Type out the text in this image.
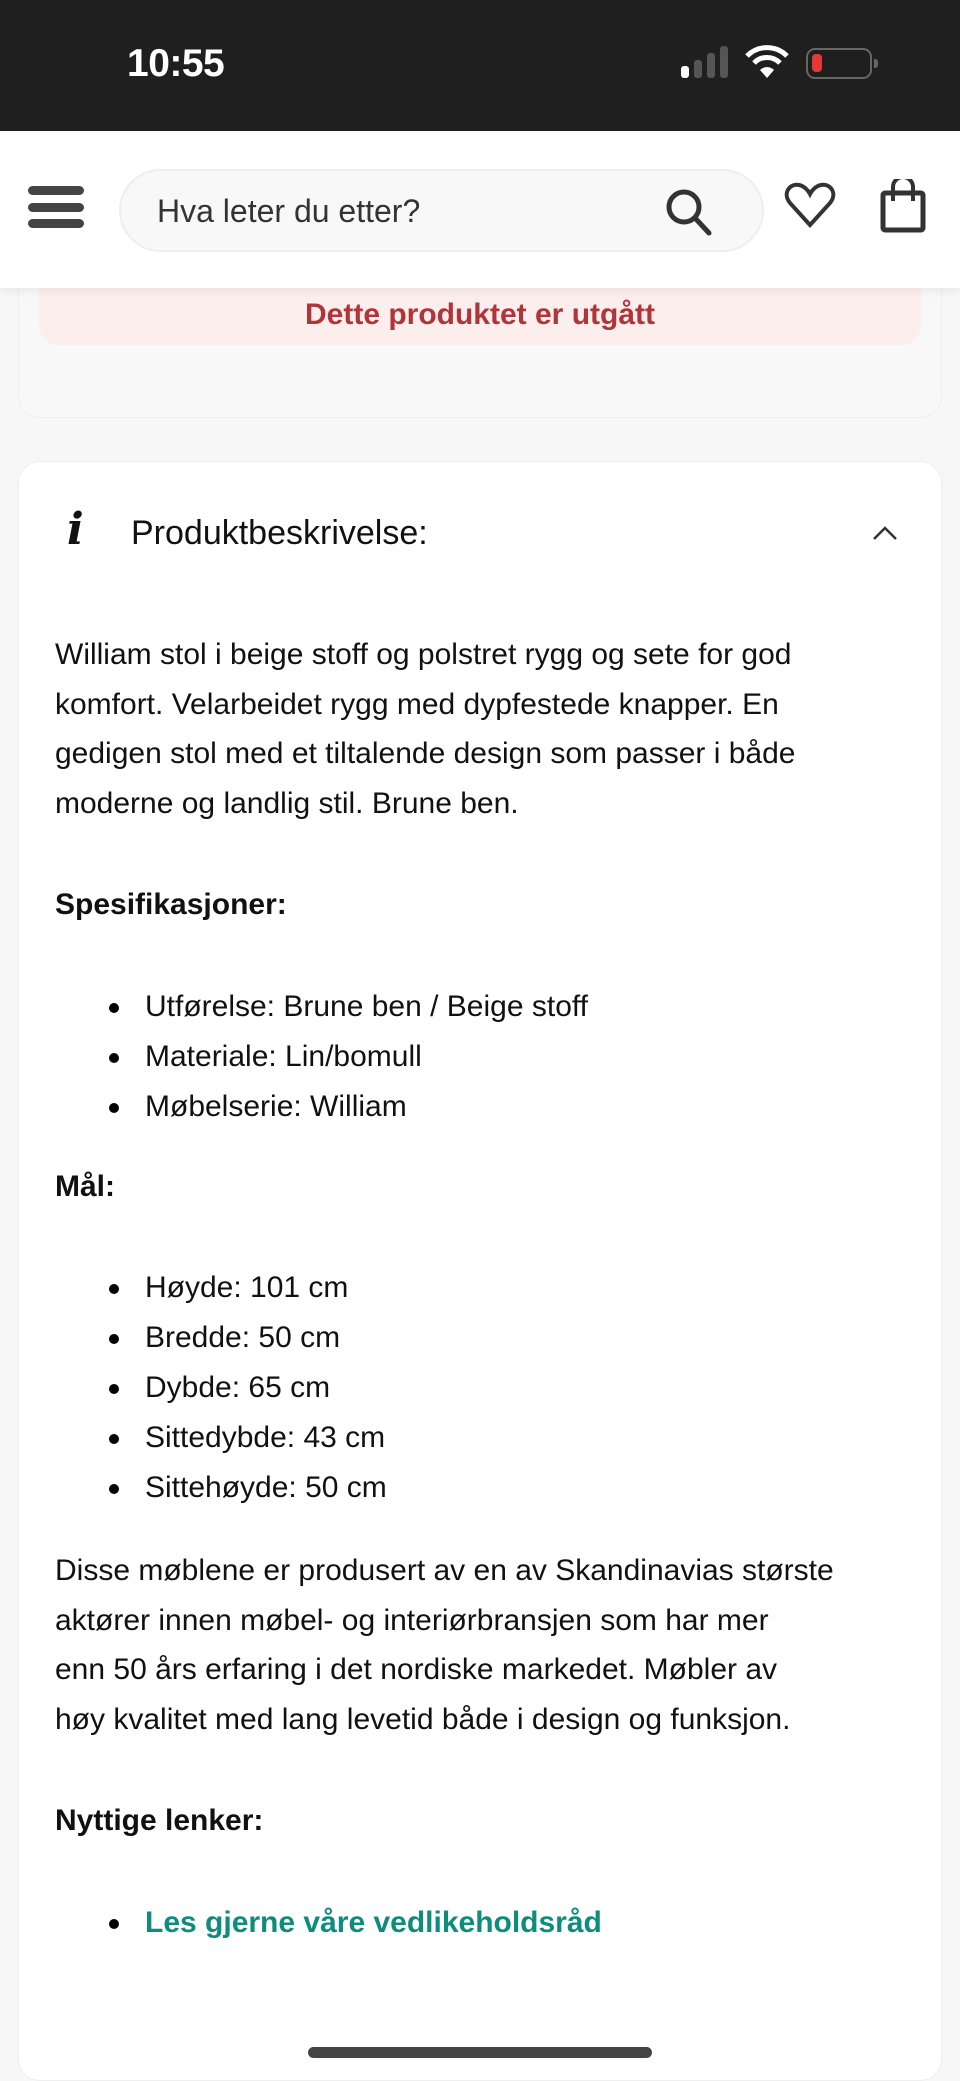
10:55
Hva leter du etter?
Dette produktet er utgått
i Produktbeskrivelse:
William stol i beige stoff og polstret rygg og sete for god
komfort. Velarbeidet rygg med dypfestede knapper. En
gedigen stol med et tiltalende design som passer i både
moderne og landlig stil. Brune ben.
Spesifikasjoner:
Utførelse: Brune ben / Beige stoff
Materiale: Lin/bomull
Møbelserie: William
Mål:
Høyde: 101 cm
Bredde: 50 cm
Dybde: 65 cm
Sittedybde: 43 cm
Sittehøyde: 50 cm
Disse møblene er produsert av en av Skandinavias største
aktører innen møbel- og interiørbransjen som har mer
enn 50 års erfaring i det nordiske markedet. Møbler av
høy kvalitet med lang levetid både i design og funksjon.
Nyttige lenker:
Les gjerne våre vedlikeholdsråd
